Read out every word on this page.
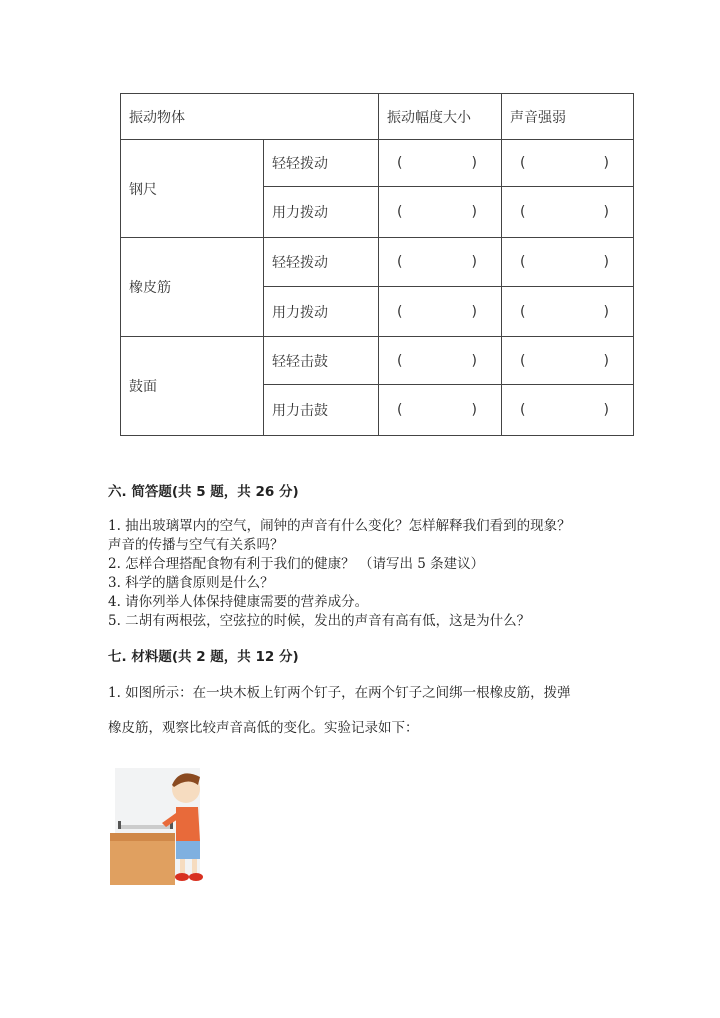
振动物体		振动幅度大小	声音强弱
钢尺	轻轻拨动	( )	( )

	用力拨动	( )	( )

橡皮筋	轻轻拨动	( )	( )

	用力拨动	( )	( )

鼓面	轻轻击鼓	( )	( )

	用力击鼓	( )	( )
六. 简答题(共 5 题，共 26 分)
1. 抽出玻璃罩内的空气，闹钟的声音有什么变化？怎样解释我们看到的现象？
声音的传播与空气有关系吗？
2. 怎样合理搭配食物有利于我们的健康？ （请写出 5 条建议）
3. 科学的膳食原则是什么？
4. 请你列举人体保持健康需要的营养成分。
5. 二胡有两根弦，空弦拉的时候，发出的声音有高有低，这是为什么？
七. 材料题(共 2 题，共 12 分)
1. 如图所示：在一块木板上钉两个钉子，在两个钉子之间绑一根橡皮筋，拨弹
橡皮筋，观察比较声音高低的变化。实验记录如下：
